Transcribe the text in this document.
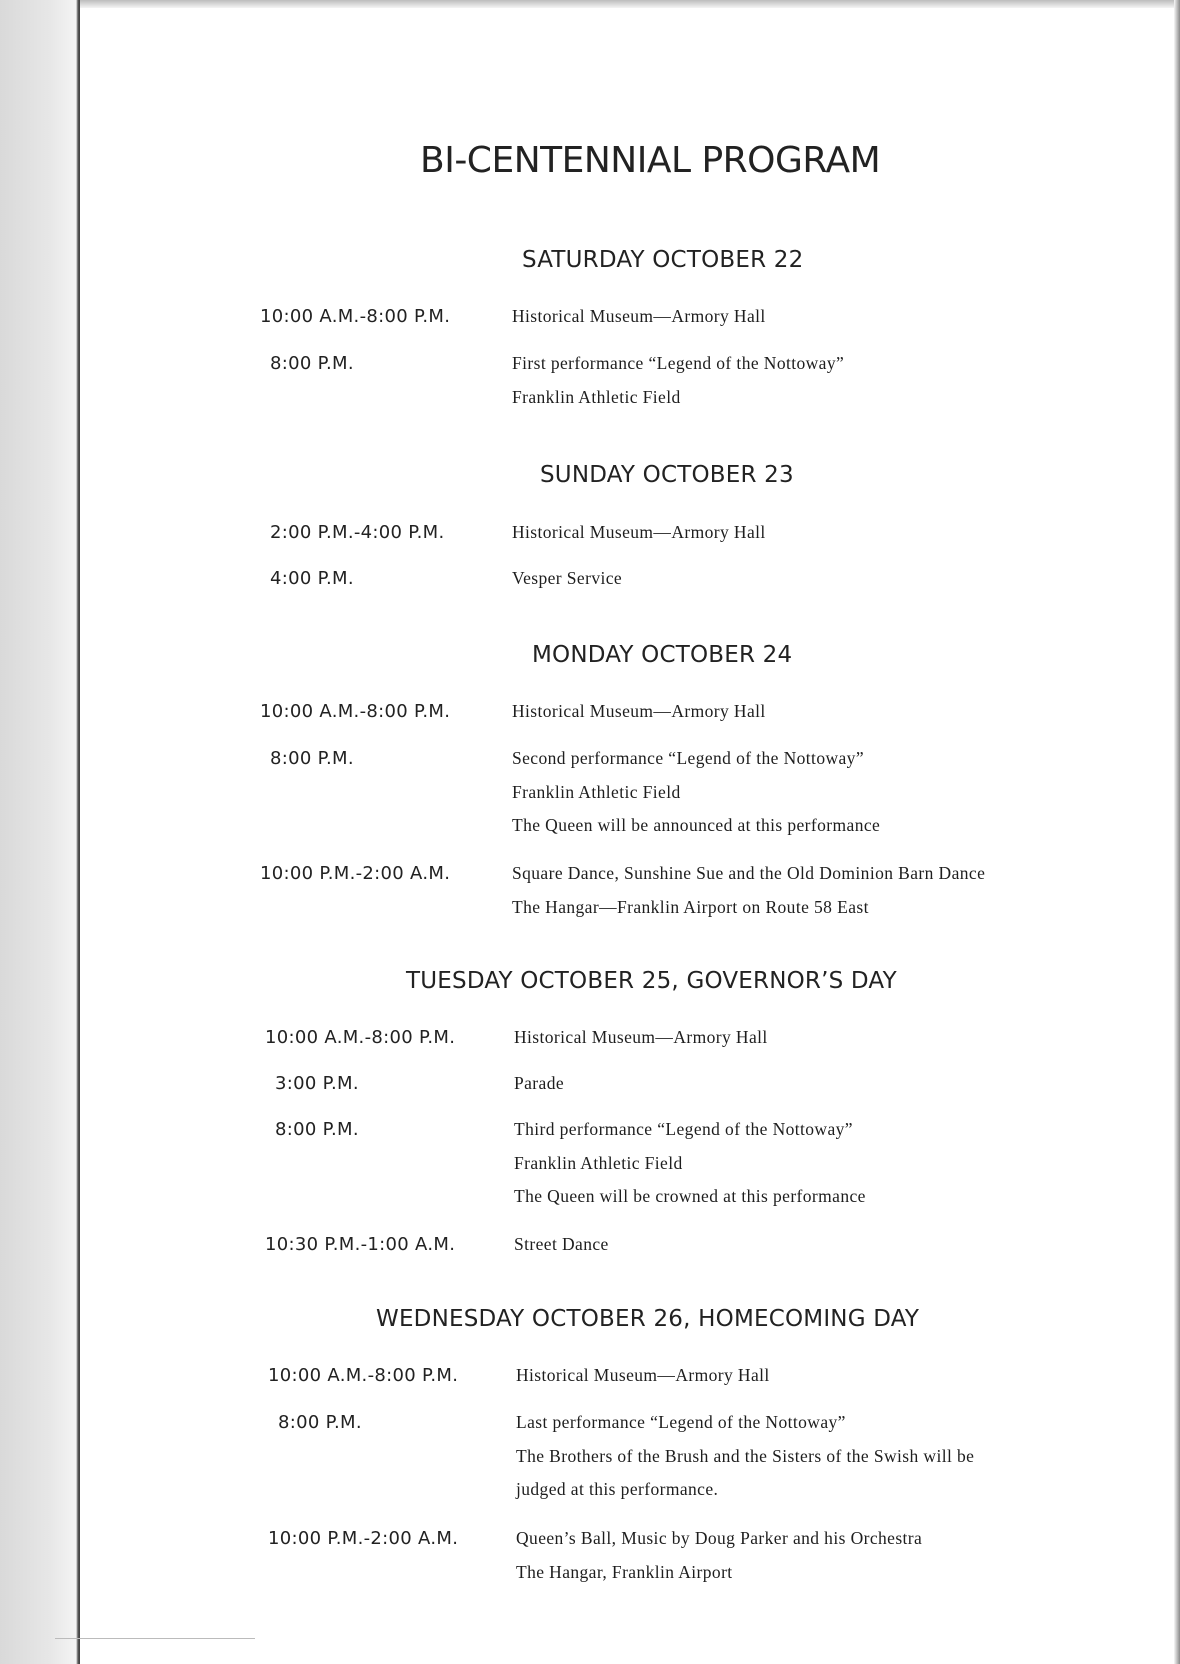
BI-CENTENNIAL PROGRAM
SATURDAY OCTOBER 22
10:00 A.M.-8:00 P.M.	Historical Museum—Armory Hall
8:00 P.M.	First performance “Legend of the Nottoway”
Franklin Athletic Field
SUNDAY OCTOBER 23
2:00 P.M.-4:00 P.M.	Historical Museum—Armory Hall
4:00 P.M.	Vesper Service
MONDAY OCTOBER 24
10:00 A.M.-8:00 P.M.	Historical Museum—Armory Hall
8:00 P.M.	Second performance “Legend of the Nottoway”
Franklin Athletic Field
The Queen will be announced at this performance
10:00 P.M.-2:00 A.M.	Square Dance, Sunshine Sue and the Old Dominion Barn Dance
The Hangar—Franklin Airport on Route 58 East
TUESDAY OCTOBER 25, GOVERNOR’S DAY
10:00 A.M.-8:00 P.M.	Historical Museum—Armory Hall
3:00 P.M.	Parade
8:00 P.M.	Third performance “Legend of the Nottoway”
Franklin Athletic Field
The Queen will be crowned at this performance
10:30 P.M.-1:00 A.M.	Street Dance
WEDNESDAY OCTOBER 26, HOMECOMING DAY
10:00 A.M.-8:00 P.M.	Historical Museum—Armory Hall
8:00 P.M.	Last performance “Legend of the Nottoway”
The Brothers of the Brush and the Sisters of the Swish will be
judged at this performance.
10:00 P.M.-2:00 A.M.	Queen’s Ball, Music by Doug Parker and his Orchestra
The Hangar, Franklin Airport
